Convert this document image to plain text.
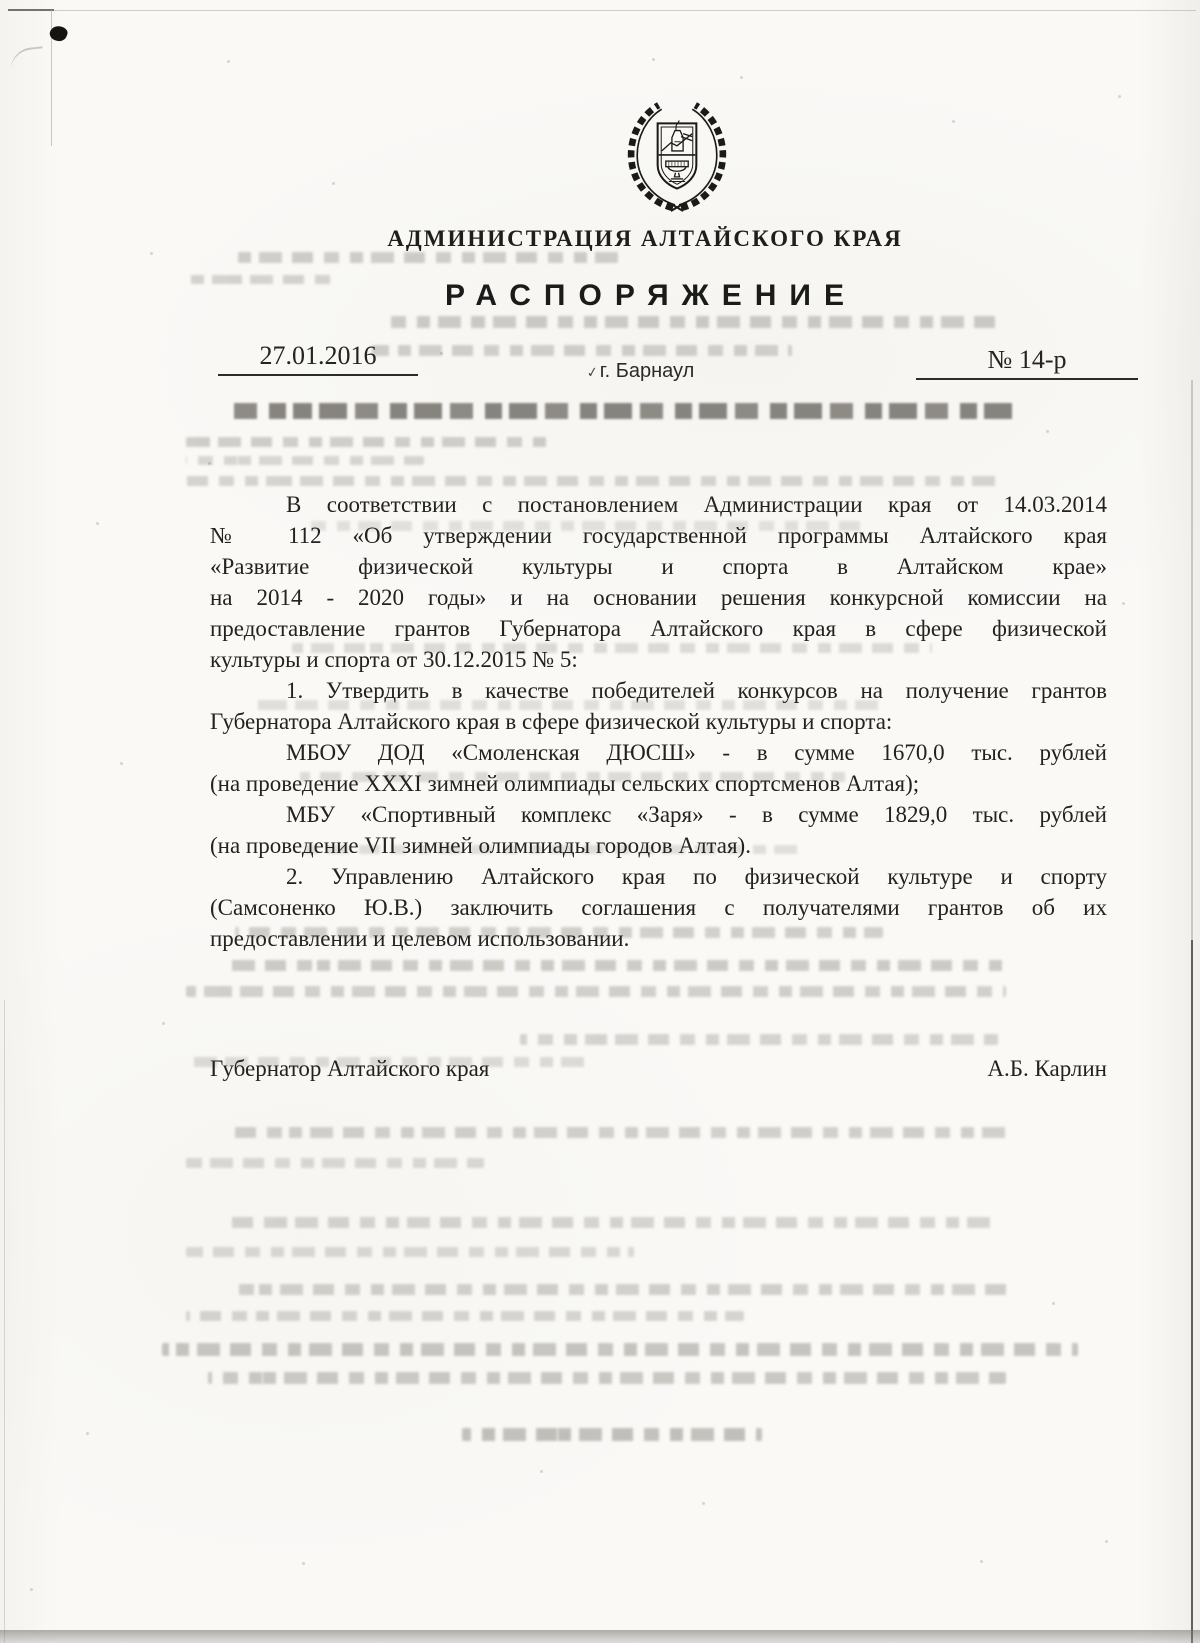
АДМИНИСТРАЦИЯ АЛТАЙСКОГО КРАЯ
РАСПОРЯЖЕНИЕ
27.01.2016	№ 14-р
✓ г. Барнаул
В соответствии с постановлением Администрации края от 14.03.2014
№ 112 «Об утверждении государственной программы Алтайского края
«Развитие физической культуры и спорта в Алтайском крае»
на 2014 - 2020 годы» и на основании решения конкурсной комиссии на
предоставление грантов Губернатора Алтайского края в сфере физической
культуры и спорта от 30.12.2015 № 5:
1. Утвердить в качестве победителей конкурсов на получение грантов
Губернатора Алтайского края в сфере физической культуры и спорта:
МБОУ ДОД «Смоленская ДЮСШ» - в сумме 1670,0 тыс. рублей
(на проведение XXXI зимней олимпиады сельских спортсменов Алтая);
МБУ «Спортивный комплекс «Заря» - в сумме 1829,0 тыс. рублей
(на проведение VII зимней олимпиады городов Алтая).
2. Управлению Алтайского края по физической культуре и спорту
(Самсоненко Ю.В.) заключить соглашения с получателями грантов об их
предоставлении и целевом использовании.
Губернатор Алтайского края	А.Б. Карлин
